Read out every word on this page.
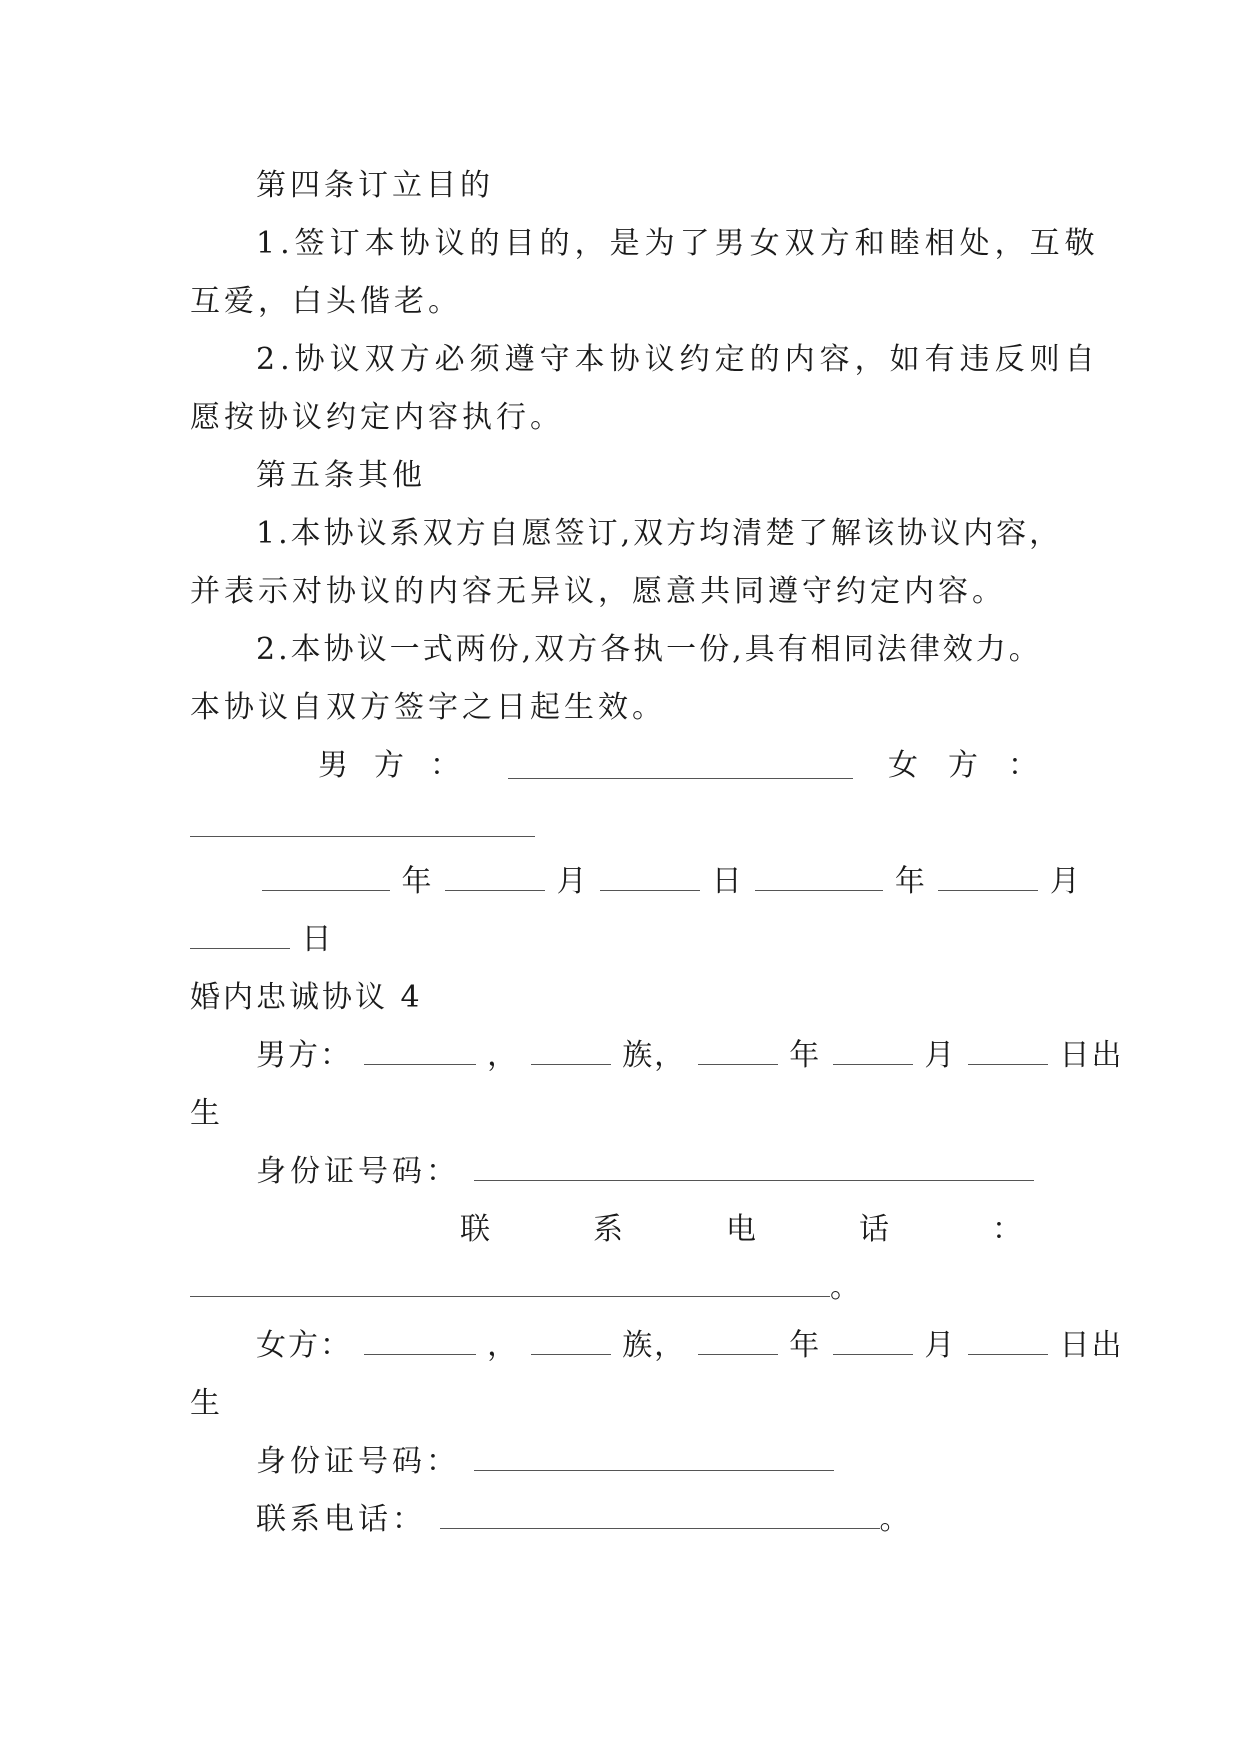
第四条订立目的
1.签订本协议的目的，是为了男女双方和睦相处，互敬
互爱，白头偕老。
2.协议双方必须遵守本协议约定的内容，如有违反则自
愿按协议约定内容执行。
第五条其他
1.本协议系双方自愿签订,双方均清楚了解该协议内容，
并表示对协议的内容无异议，愿意共同遵守约定内容。
2.本协议一式两份,双方各执一份,具有相同法律效力。
本协议自双方签字之日起生效。
男方：	女方：
年	月	日	年	月
日
婚内忠诚协议 4
男方：	，	族，	年	月	日出
生
身份证号码：
联	系	电	话	：
。
女方：	，	族，	年	月	日出
生
身份证号码：
联系电话：	。
